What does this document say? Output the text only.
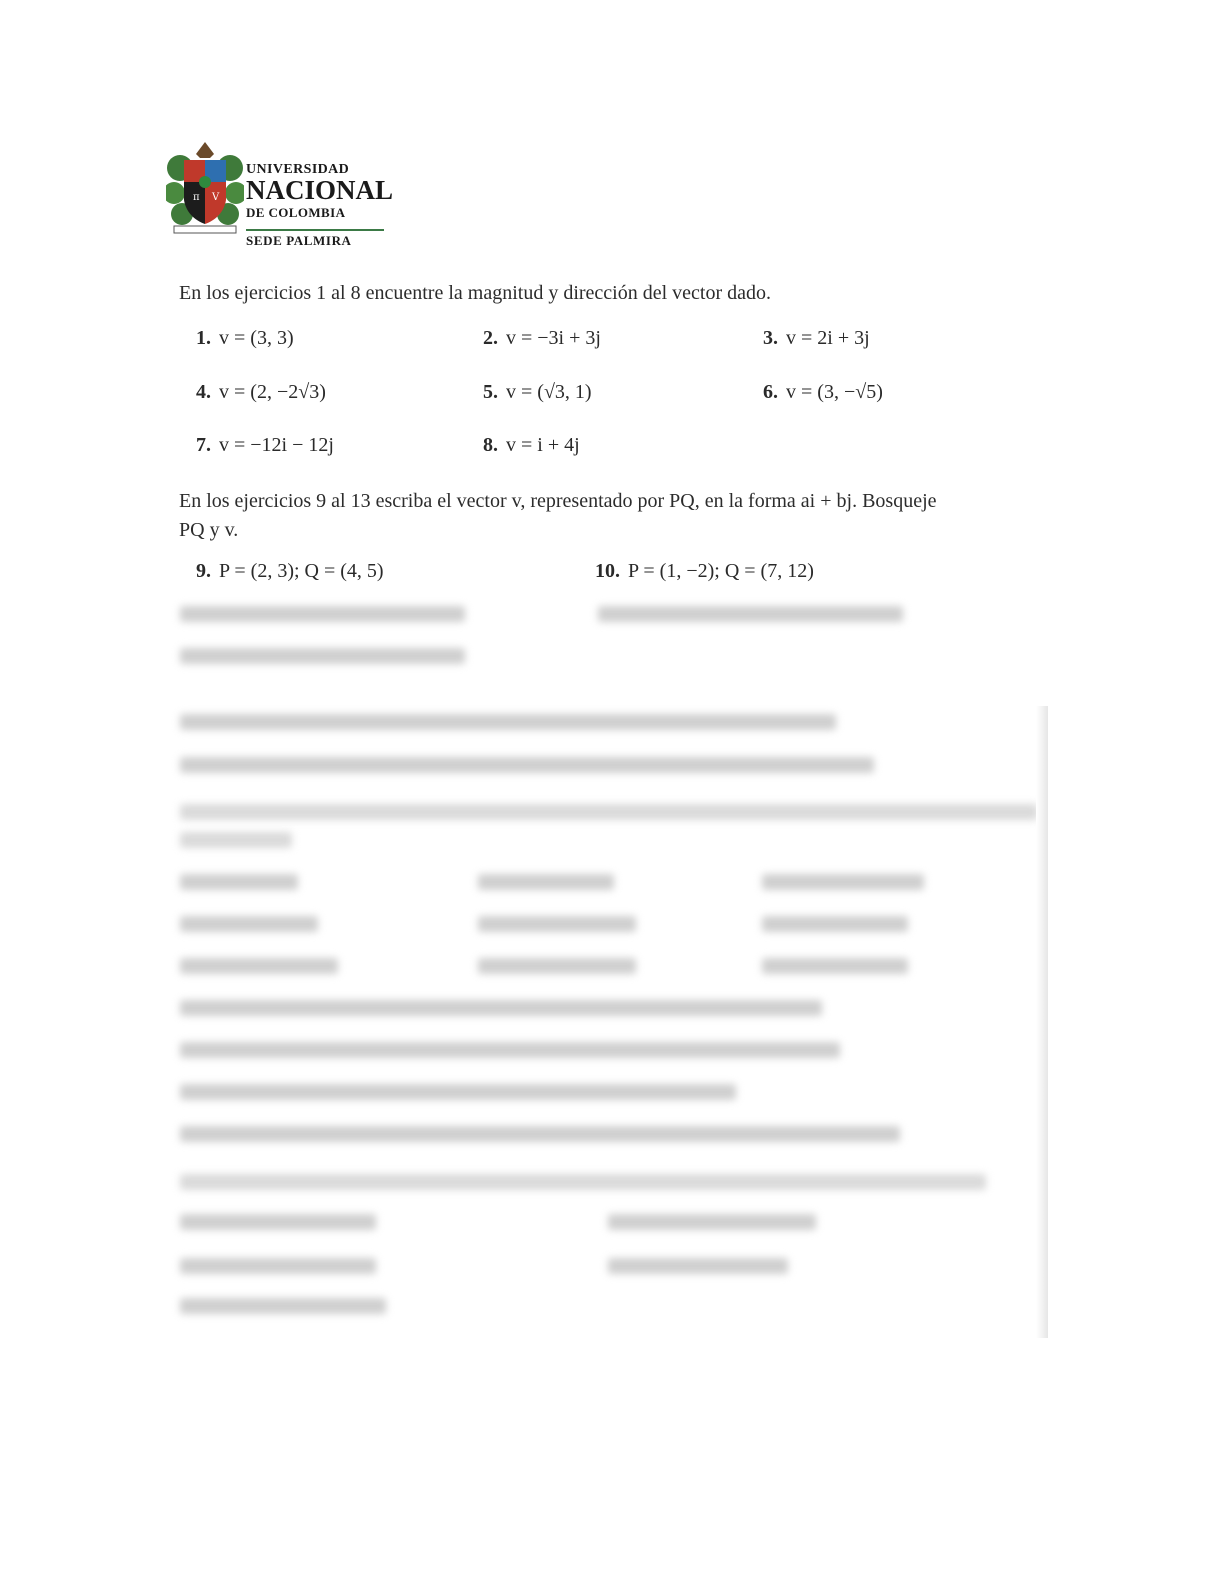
π V
UNIVERSIDAD
NACIONAL
DE COLOMBIA
SEDE PALMIRA
En los ejercicios 1 al 8 encuentre la magnitud y dirección del vector dado.
1. v = (3, 3)	2. v = −3i + 3j	3. v = 2i + 3j
4. v = (2, −2√3)	5. v = (√3, 1)	6. v = (3, −√5)
7. v = −12i − 12j	8. v = i + 4j
En los ejercicios 9 al 13 escriba el vector v, representado por PQ, en la forma ai + bj. Bosqueje
PQ y v.
9. P = (2, 3); Q = (4, 5)	10. P = (1, −2); Q = (7, 12)
